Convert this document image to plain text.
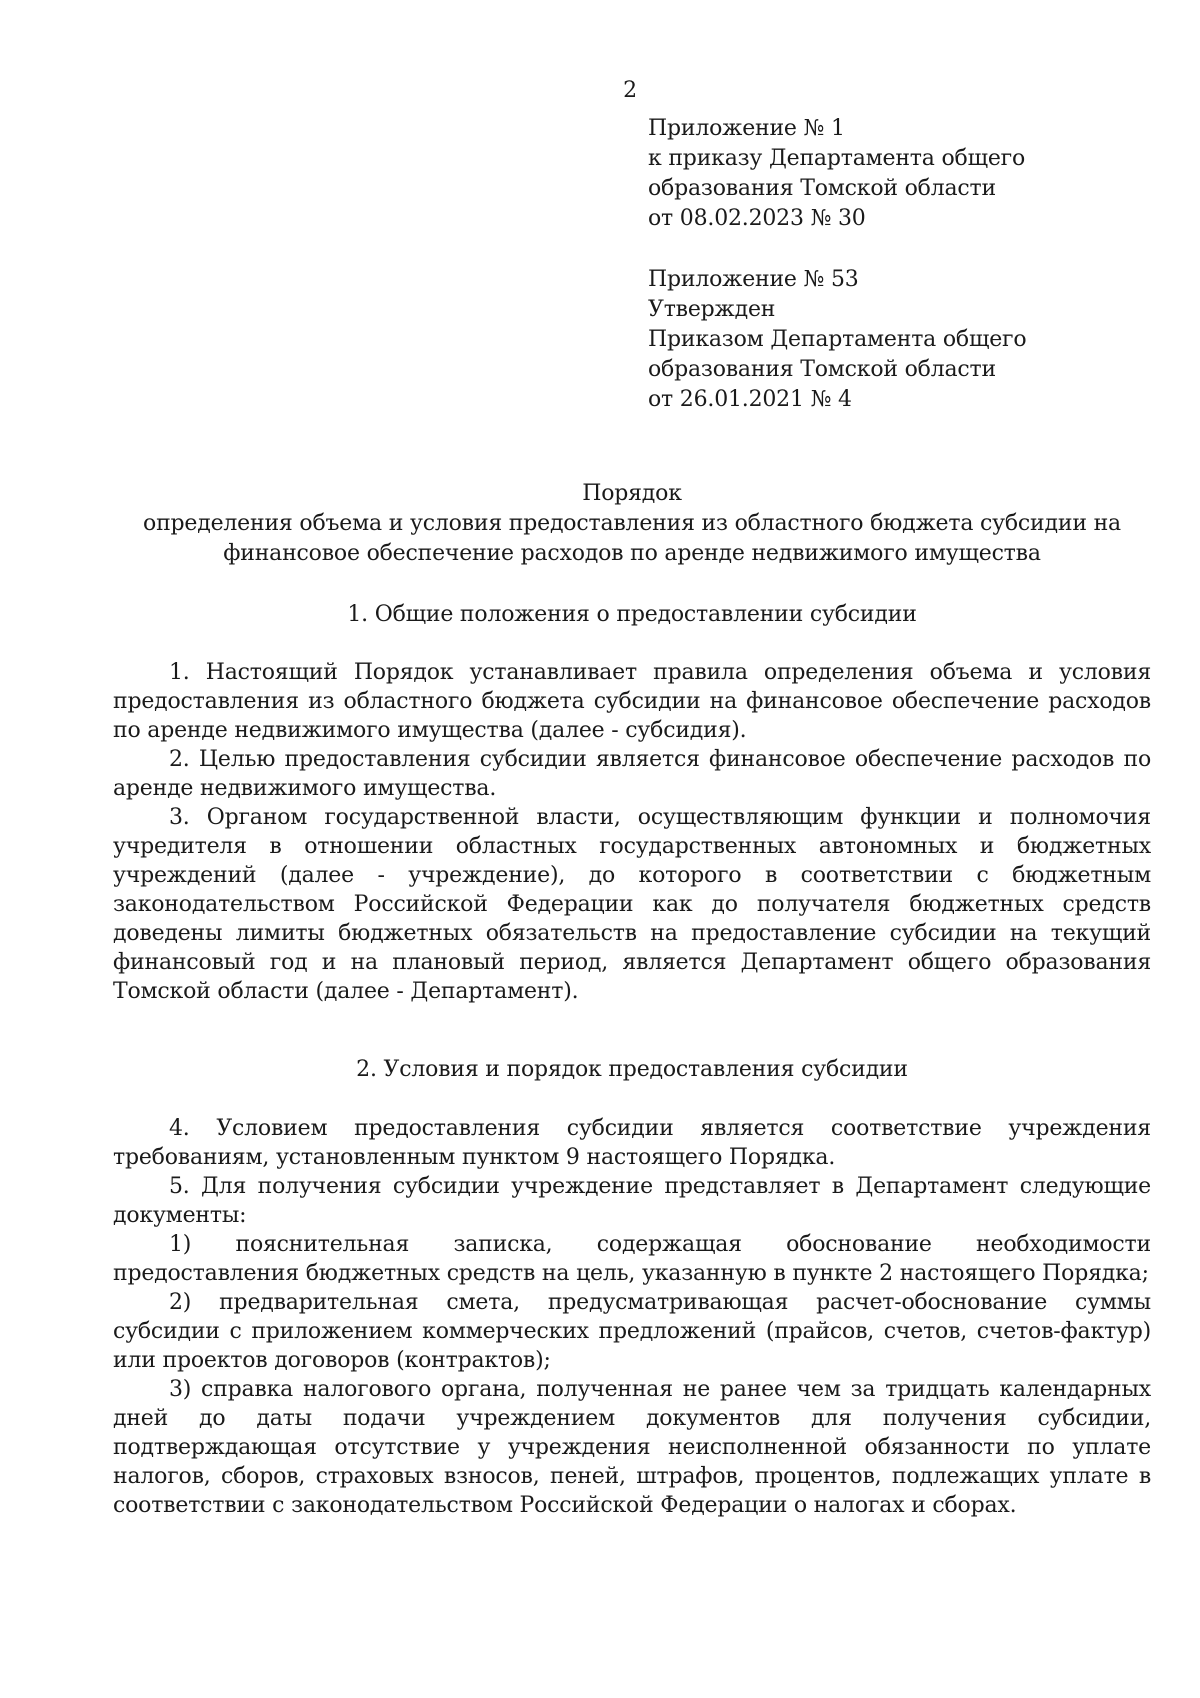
2
Приложение № 1
к приказу Департамента общего
образования Томской области
от 08.02.2023 № 30
Приложение № 53
Утвержден
Приказом Департамента общего
образования Томской области
от 26.01.2021 № 4
Порядок
определения объема и условия предоставления из областного бюджета субсидии на
финансовое обеспечение расходов по аренде недвижимого имущества
1. Общие положения о предоставлении субсидии

1. Настоящий Порядок устанавливает правила определения объема и условия предоставления из областного бюджета субсидии на финансовое обеспечение расходов по аренде недвижимого имущества (далее - субсидия).

2. Целью предоставления субсидии является финансовое обеспечение расходов по аренде недвижимого имущества.

3. Органом государственной власти, осуществляющим функции и полномочия учредителя в отношении областных государственных автономных и бюджетных учреждений (далее - учреждение), до которого в соответствии с бюджетным законодательством Российской Федерации как до получателя бюджетных средств доведены лимиты бюджетных обязательств на предоставление субсидии на текущий финансовый год и на плановый период, является Департамент общего образования Томской области (далее - Департамент).

2. Условия и порядок предоставления субсидии

4. Условием предоставления субсидии является соответствие учреждения требованиям, установленным пунктом 9 настоящего Порядка.

5. Для получения субсидии учреждение представляет в Департамент следующие документы:

1) пояснительная записка, содержащая обоснование необходимости предоставления бюджетных средств на цель, указанную в пункте 2 настоящего Порядка;

2) предварительная смета, предусматривающая расчет-обоснование суммы субсидии с приложением коммерческих предложений (прайсов, счетов, счетов-фактур) или проектов договоров (контрактов);

3) справка налогового органа, полученная не ранее чем за тридцать календарных дней до даты подачи учреждением документов для получения субсидии, подтверждающая отсутствие у учреждения неисполненной обязанности по уплате налогов, сборов, страховых взносов, пеней, штрафов, процентов, подлежащих уплате в соответствии с законодательством Российской Федерации о налогах и сборах.
